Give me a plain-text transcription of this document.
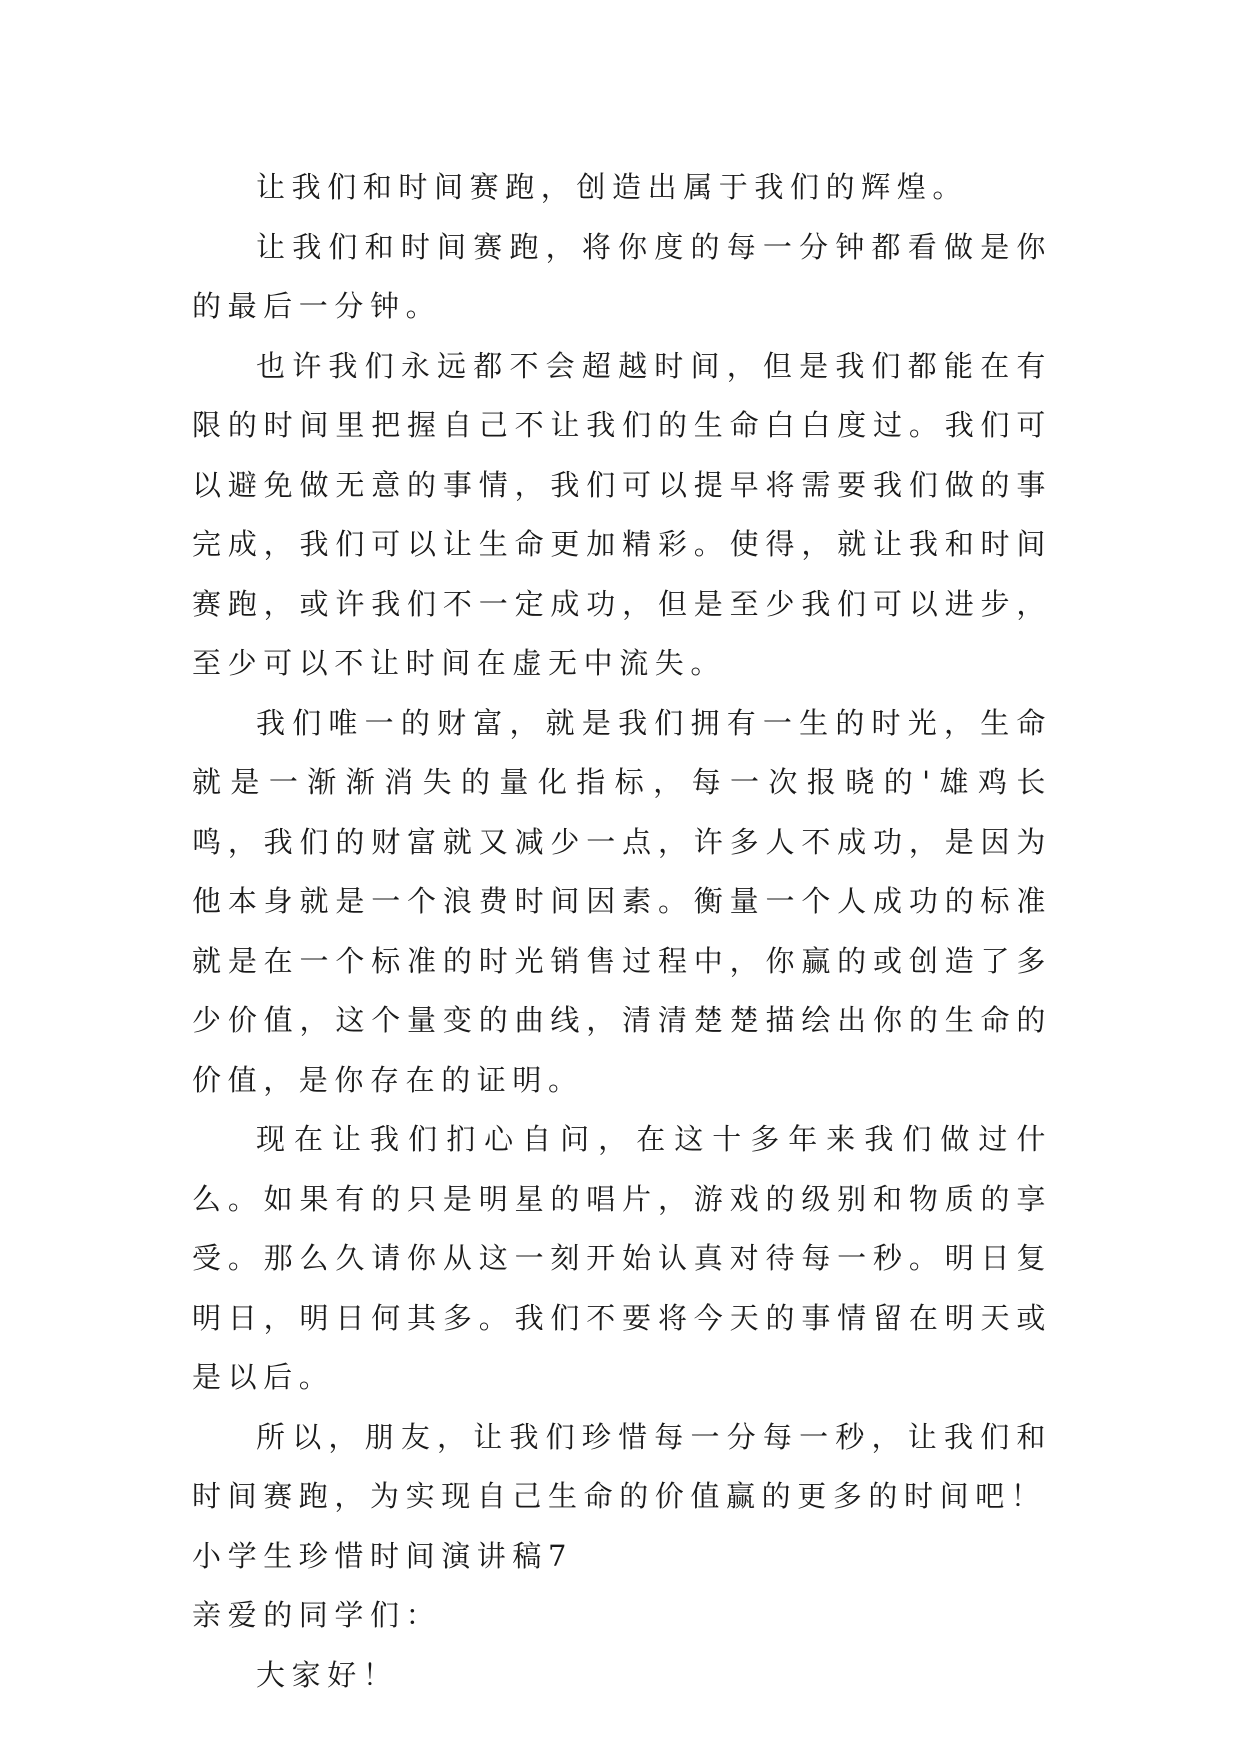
让我们和时间赛跑，创造出属于我们的辉煌。

让我们和时间赛跑，将你度的每一分钟都看做是你的最后一分钟。

也许我们永远都不会超越时间，但是我们都能在有限的时间里把握自己不让我们的生命白白度过。我们可以避免做无意的事情，我们可以提早将需要我们做的事完成，我们可以让生命更加精彩。使得，就让我和时间赛跑，或许我们不一定成功，但是至少我们可以进步，至少可以不让时间在虚无中流失。

我们唯一的财富，就是我们拥有一生的时光，生命就是一渐渐消失的量化指标，每一次报晓的'雄鸡长鸣，我们的财富就又减少一点，许多人不成功，是因为他本身就是一个浪费时间因素。衡量一个人成功的标准就是在一个标准的时光销售过程中，你赢的或创造了多少价值，这个量变的曲线，清清楚楚描绘出你的生命的价值，是你存在的证明。

现在让我们扪心自问，在这十多年来我们做过什么。如果有的只是明星的唱片，游戏的级别和物质的享受。那么久请你从这一刻开始认真对待每一秒。明日复明日，明日何其多。我们不要将今天的事情留在明天或是以后。

所以，朋友，让我们珍惜每一分每一秒，让我们和时间赛跑，为实现自己生命的价值赢的更多的时间吧！

小学生珍惜时间演讲稿7

亲爱的同学们：

大家好！
